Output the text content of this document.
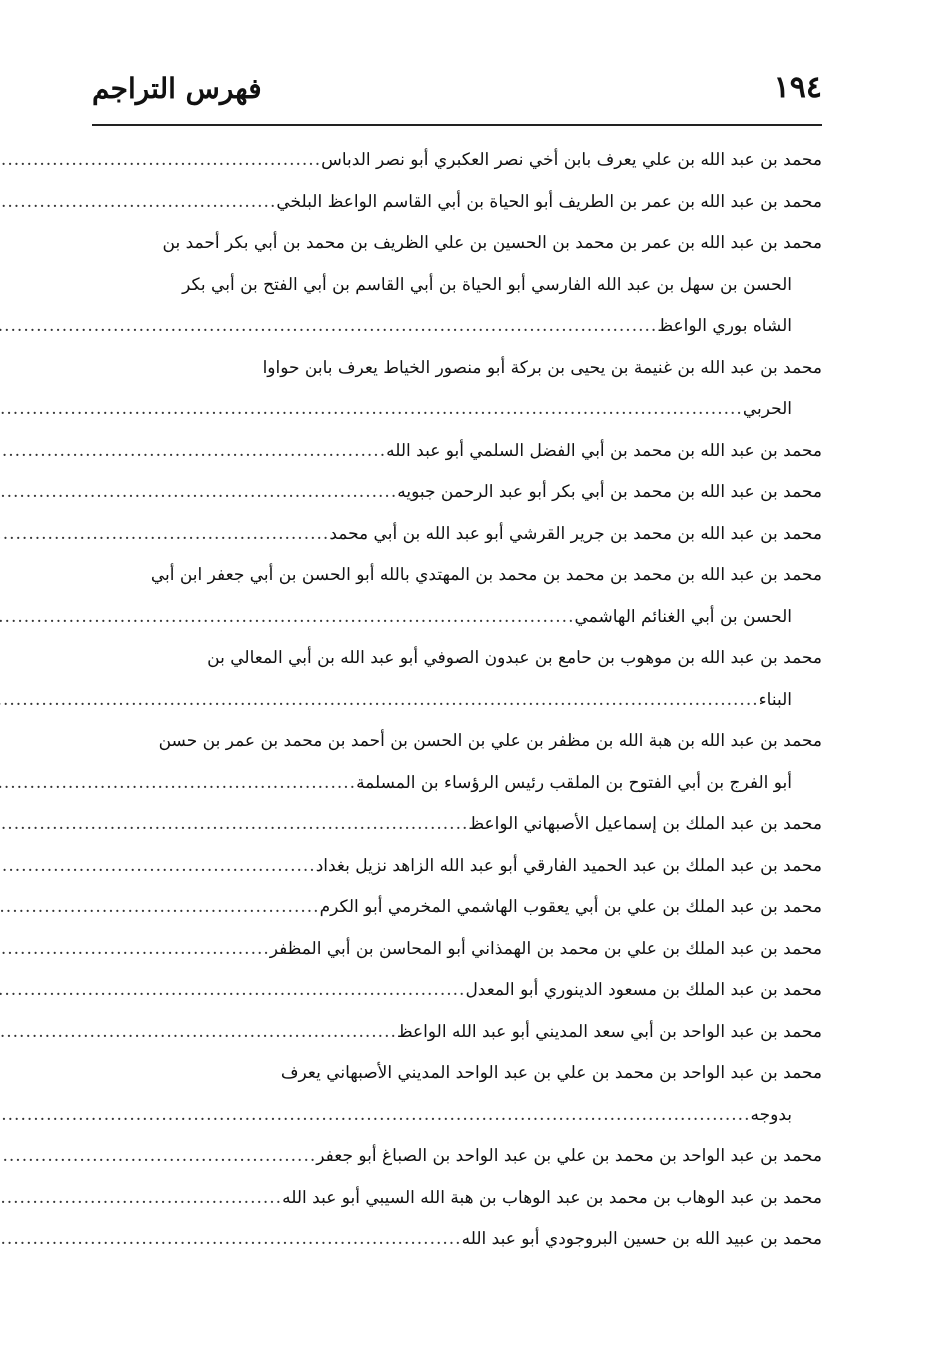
١٩٤
فهرس التراجم
محمد بن عبد الله بن علي يعرف بابن أخي نصر العكبري أبو نصر الدباس
.....
محمد بن عبد الله بن عمر بن الطريف أبو الحياة بن أبي القاسم الواعظ البلخي
.....
محمد بن عبد الله بن عمر بن محمد بن الحسين بن علي الظريف بن محمد بن أبي بكر أحمد بن
الحسن بن سهل بن عبد الله الفارسي أبو الحياة بن أبي القاسم بن أبي الفتح بن أبي بكر
الشاه بوري الواعظ
.....
محمد بن عبد الله بن غنيمة بن يحيى بن بركة أبو منصور الخياط يعرف بابن حواوا
الحربي
.....
محمد بن عبد الله بن محمد بن أبي الفضل السلمي أبو عبد الله
.....
محمد بن عبد الله بن محمد بن أبي بكر أبو عبد الرحمن جبويه
.....
محمد بن عبد الله بن محمد بن جرير القرشي أبو عبد الله بن أبي محمد
.....
محمد بن عبد الله بن محمد بن محمد بن محمد بن المهتدي بالله أبو الحسن بن أبي جعفر ابن أبي
الحسن بن أبي الغنائم الهاشمي
.....
محمد بن عبد الله بن موهوب بن حامع بن عبدون الصوفي أبو عبد الله بن أبي المعالي بن
البناء
.....
محمد بن عبد الله بن هبة الله بن مظفر بن علي بن الحسن بن أحمد بن محمد بن عمر بن حسن
أبو الفرج بن أبي الفتوح بن الملقب رئيس الرؤساء بن المسلمة
.....
محمد بن عبد الملك بن إسماعيل الأصبهاني الواعظ
.....
محمد بن عبد الملك بن عبد الحميد الفارقي أبو عبد الله الزاهد نزيل بغداد
.....
محمد بن عبد الملك بن علي بن أبي يعقوب الهاشمي المخرمي أبو الكرم
.....
محمد بن عبد الملك بن علي بن محمد بن الهمذاني أبو المحاسن بن أبي المظفر
.....
محمد بن عبد الملك بن مسعود الدينوري أبو المعدل
.....
محمد بن عبد الواحد بن أبي سعد المديني أبو عبد الله الواعظ
.....
محمد بن عبد الواحد بن محمد بن علي بن عبد الواحد المديني الأصبهاني يعرف
بدوجه
.....
محمد بن عبد الواحد بن محمد بن علي بن عبد الواحد بن الصباغ أبو جعفر
.....
محمد بن عبد الوهاب بن محمد بن عبد الوهاب بن هبة الله السيبي أبو عبد الله
.....
محمد بن عبيد الله بن حسين البروجودي أبو عبد الله
.....
